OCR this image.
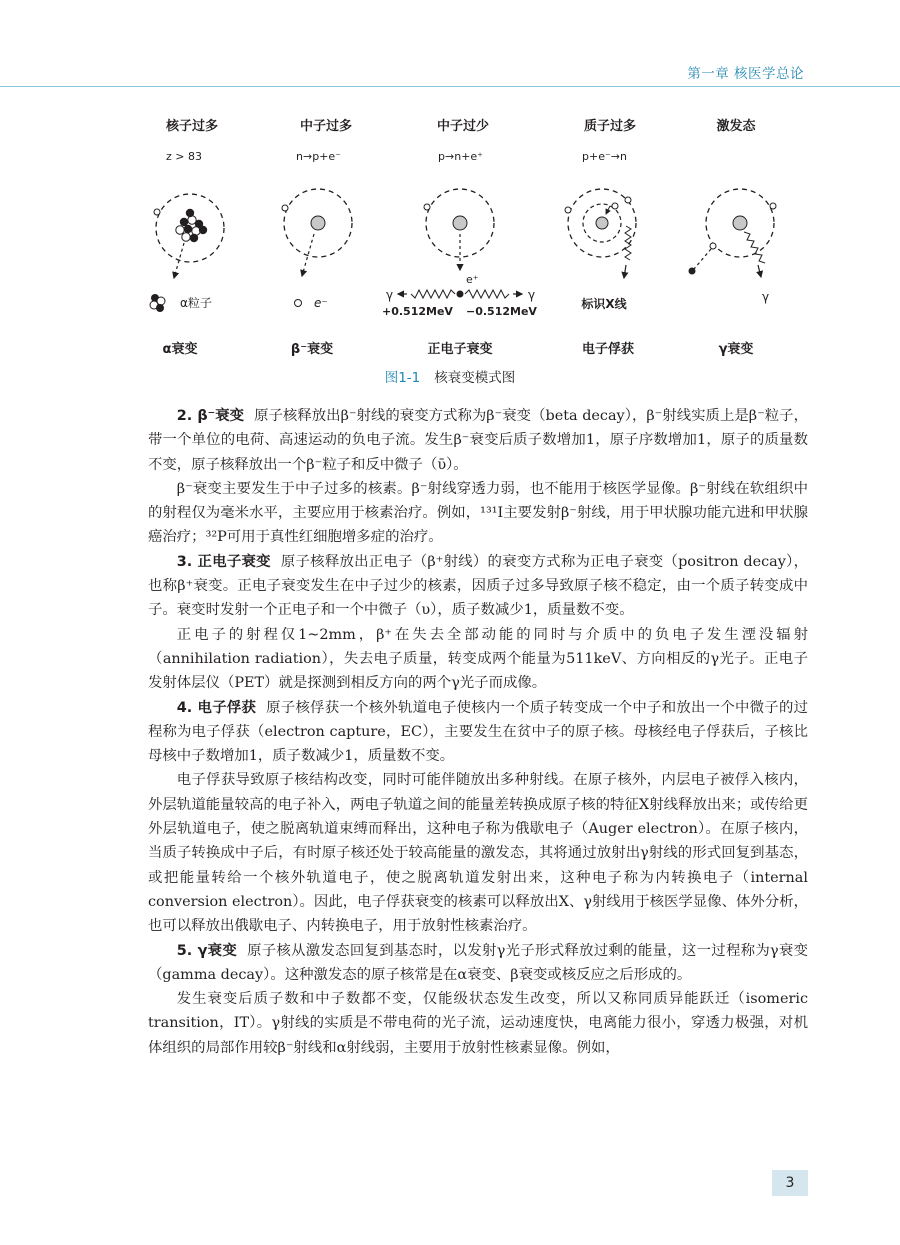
第一章 核医学总论
核子过多
z > 83
α粒子
α衰变
中子过多
n→p+e⁻
e⁻
β⁻衰变
中子过少
p→n+e⁺
e⁺
γ	γ
+0.512MeV −0.512MeV
正电子衰变
质子过多
p+e⁻→n
标识X线
电子俘获
激发态
γ
γ衰变
图1-1 核衰变模式图

2. β⁻衰变 原子核释放出β⁻射线的衰变方式称为β⁻衰变（beta decay），β⁻射线实质上是β⁻粒子，带一个单位的电荷、高速运动的负电子流。发生β⁻衰变后质子数增加1，原子序数增加1，原子的质量数不变，原子核释放出一个β⁻粒子和反中微子（ῡ）。

β⁻衰变主要发生于中子过多的核素。β⁻射线穿透力弱，也不能用于核医学显像。β⁻射线在软组织中的射程仅为毫米水平，主要应用于核素治疗。例如，¹³¹I主要发射β⁻射线，用于甲状腺功能亢进和甲状腺癌治疗；³²P可用于真性红细胞增多症的治疗。

3. 正电子衰变 原子核释放出正电子（β⁺射线）的衰变方式称为正电子衰变（positron decay），也称β⁺衰变。正电子衰变发生在中子过少的核素，因质子过多导致原子核不稳定，由一个质子转变成中子。衰变时发射一个正电子和一个中微子（υ），质子数减少1，质量数不变。

正电子的射程仅1~2mm，β⁺在失去全部动能的同时与介质中的负电子发生湮没辐射（annihilation radiation），失去电子质量，转变成两个能量为511keV、方向相反的γ光子。正电子发射体层仪（PET）就是探测到相反方向的两个γ光子而成像。

4. 电子俘获 原子核俘获一个核外轨道电子使核内一个质子转变成一个中子和放出一个中微子的过程称为电子俘获（electron capture，EC），主要发生在贫中子的原子核。母核经电子俘获后，子核比母核中子数增加1，质子数减少1，质量数不变。

电子俘获导致原子核结构改变，同时可能伴随放出多种射线。在原子核外，内层电子被俘入核内，外层轨道能量较高的电子补入，两电子轨道之间的能量差转换成原子核的特征X射线释放出来；或传给更外层轨道电子，使之脱离轨道束缚而释出，这种电子称为俄歇电子（Auger electron）。在原子核内，当质子转换成中子后，有时原子核还处于较高能量的激发态，其将通过放射出γ射线的形式回复到基态，或把能量转给一个核外轨道电子，使之脱离轨道发射出来，这种电子称为内转换电子（internal conversion electron）。因此，电子俘获衰变的核素可以释放出X、γ射线用于核医学显像、体外分析，也可以释放出俄歇电子、内转换电子，用于放射性核素治疗。

5. γ衰变 原子核从激发态回复到基态时，以发射γ光子形式释放过剩的能量，这一过程称为γ衰变（gamma decay）。这种激发态的原子核常是在α衰变、β衰变或核反应之后形成的。

发生衰变后质子数和中子数都不变，仅能级状态发生改变，所以又称同质异能跃迁（isomeric transition，IT）。γ射线的实质是不带电荷的光子流，运动速度快，电离能力很小，穿透力极强，对机体组织的局部作用较β⁻射线和α射线弱，主要用于放射性核素显像。例如，

3
